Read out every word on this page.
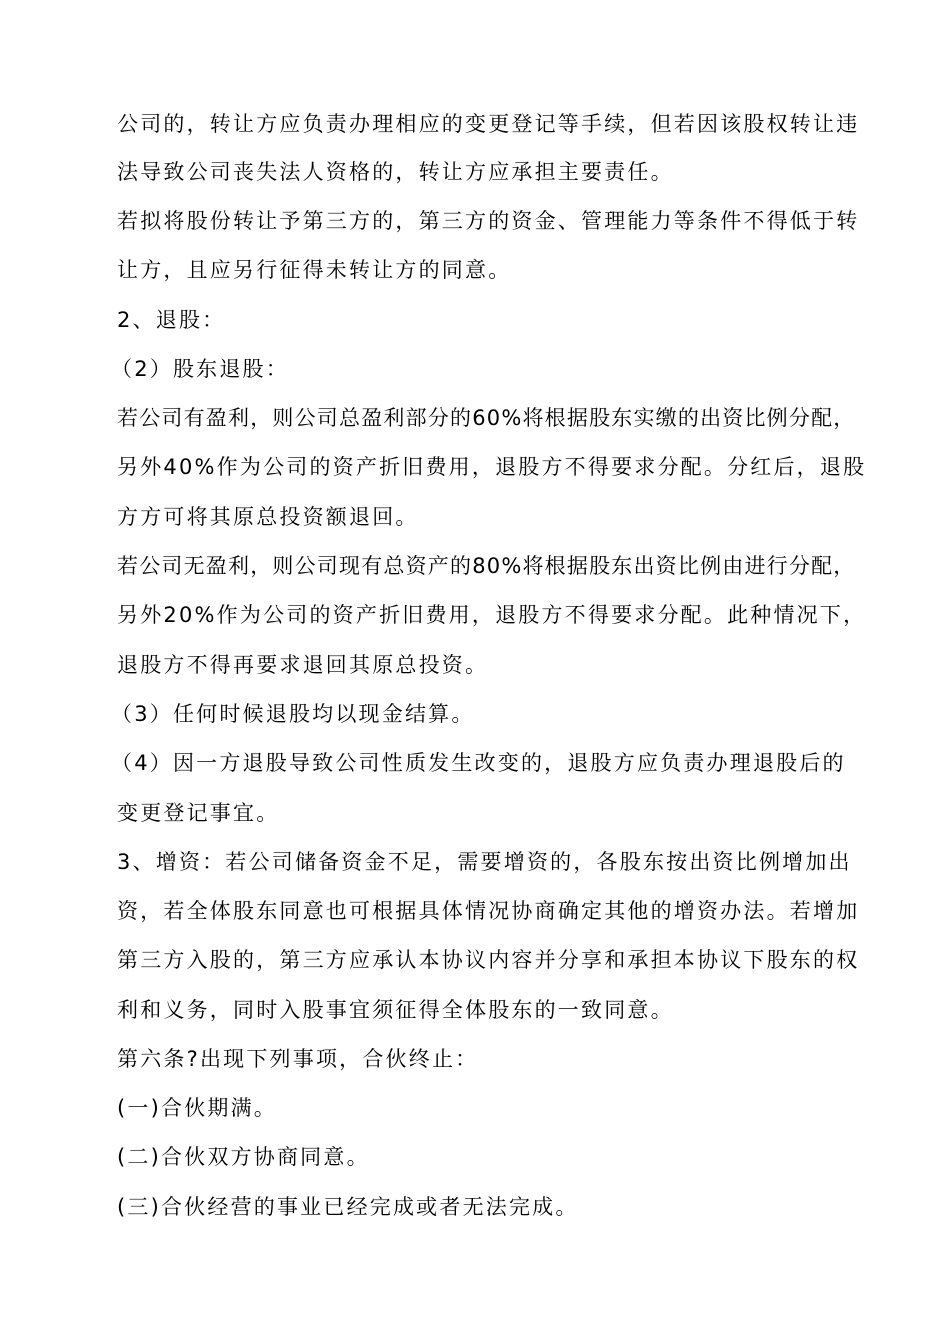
公司的，转让方应负责办理相应的变更登记等手续，但若因该股权转让违
法导致公司丧失法人资格的，转让方应承担主要责任。
若拟将股份转让予第三方的，第三方的资金、管理能力等条件不得低于转
让方，且应另行征得未转让方的同意。
2、退股：
（2）股东退股：
若公司有盈利，则公司总盈利部分的60%将根据股东实缴的出资比例分配，
另外40%作为公司的资产折旧费用，退股方不得要求分配。分红后，退股
方方可将其原总投资额退回。
若公司无盈利，则公司现有总资产的80%将根据股东出资比例由进行分配，
另外20%作为公司的资产折旧费用，退股方不得要求分配。此种情况下，
退股方不得再要求退回其原总投资。
（3）任何时候退股均以现金结算。
（4）因一方退股导致公司性质发生改变的，退股方应负责办理退股后的
变更登记事宜。
3、增资：若公司储备资金不足，需要增资的，各股东按出资比例增加出
资，若全体股东同意也可根据具体情况协商确定其他的增资办法。若增加
第三方入股的，第三方应承认本协议内容并分享和承担本协议下股东的权
利和义务，同时入股事宜须征得全体股东的一致同意。
第六条?出现下列事项，合伙终止：
(一)合伙期满。
(二)合伙双方协商同意。
(三)合伙经营的事业已经完成或者无法完成。
